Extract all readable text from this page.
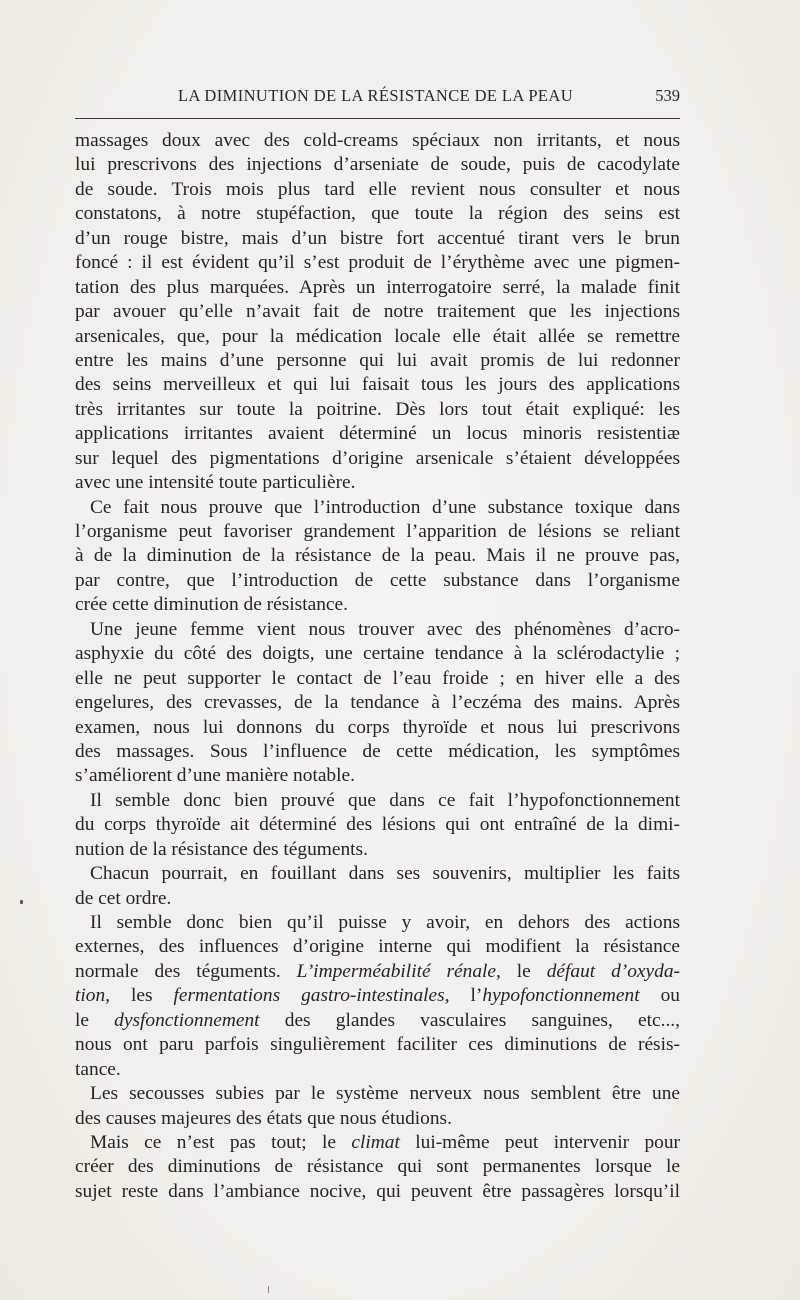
LA DIMINUTION DE LA RÉSISTANCE DE LA PEAU	539
massages doux avec des cold-creams spéciaux non irritants, et nous
lui prescrivons des injections d’arseniate de soude, puis de cacodylate
de soude. Trois mois plus tard elle revient nous consulter et nous
constatons, à notre stupéfaction, que toute la région des seins est
d’un rouge bistre, mais d’un bistre fort accentué tirant vers le brun
foncé : il est évident qu’il s’est produit de l’érythème avec une pigmen-
tation des plus marquées. Après un interrogatoire serré, la malade finit
par avouer qu’elle n’avait fait de notre traitement que les injections
arsenicales, que, pour la médication locale elle était allée se remettre
entre les mains d’une personne qui lui avait promis de lui redonner
des seins merveilleux et qui lui faisait tous les jours des applications
très irritantes sur toute la poitrine. Dès lors tout était expliqué: les
applications irritantes avaient déterminé un locus minoris resistentiæ
sur lequel des pigmentations d’origine arsenicale s’étaient développées
avec une intensité toute particulière.
Ce fait nous prouve que l’introduction d’une substance toxique dans
l’organisme peut favoriser grandement l’apparition de lésions se reliant
à de la diminution de la résistance de la peau. Mais il ne prouve pas,
par contre, que l’introduction de cette substance dans l’organisme
crée cette diminution de résistance.
Une jeune femme vient nous trouver avec des phénomènes d’acro-
asphyxie du côté des doigts, une certaine tendance à la sclérodactylie ;
elle ne peut supporter le contact de l’eau froide ; en hiver elle a des
engelures, des crevasses, de la tendance à l’eczéma des mains. Après
examen, nous lui donnons du corps thyroïde et nous lui prescrivons
des massages. Sous l’influence de cette médication, les symptômes
s’améliorent d’une manière notable.
Il semble donc bien prouvé que dans ce fait l’hypofonctionnement
du corps thyroïde ait déterminé des lésions qui ont entraîné de la dimi-
nution de la résistance des téguments.
Chacun pourrait, en fouillant dans ses souvenirs, multiplier les faits
de cet ordre.
Il semble donc bien qu’il puisse y avoir, en dehors des actions
externes, des influences d’origine interne qui modifient la résistance
normale des téguments. L’imperméabilité rénale, le défaut d’oxyda-
tion, les fermentations gastro-intestinales, l’hypofonctionnement ou
le dysfonctionnement des glandes vasculaires sanguines, etc...,
nous ont paru parfois singulièrement faciliter ces diminutions de résis-
tance.
Les secousses subies par le système nerveux nous semblent être une
des causes majeures des états que nous étudions.
Mais ce n’est pas tout; le climat lui-même peut intervenir pour
créer des diminutions de résistance qui sont permanentes lorsque le
sujet reste dans l’ambiance nocive, qui peuvent être passagères lorsqu’il
